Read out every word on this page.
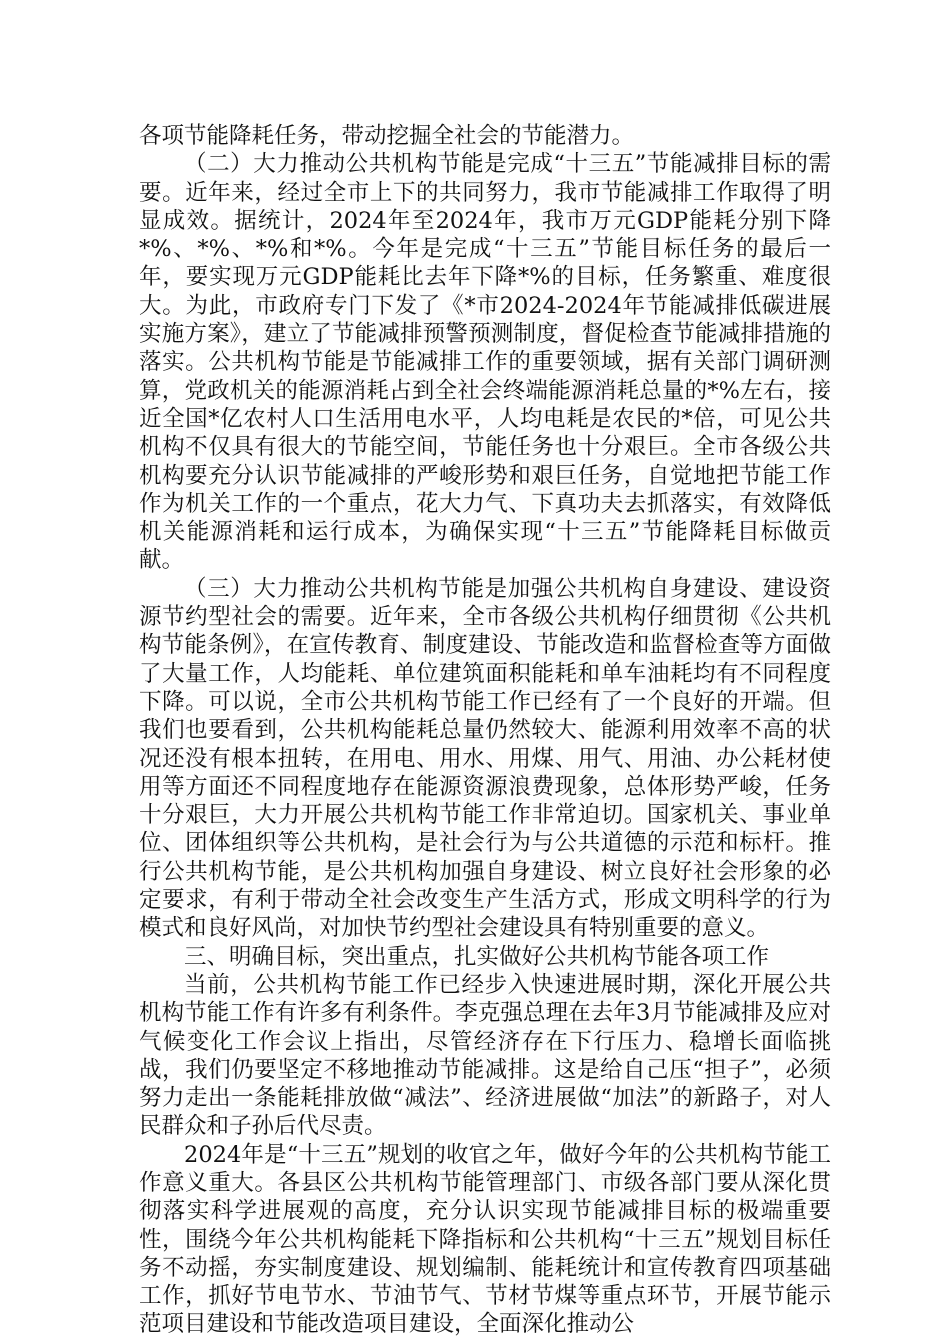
各项节能降耗任务，带动挖掘全社会的节能潜力。

（二）大力推动公共机构节能是完成“十三五”节能减排目标的需要。近年来，经过全市上下的共同努力，我市节能减排工作取得了明显成效。据统计，2024年至2024年，我市万元GDP能耗分别下降*%、*%、*%和*%。今年是完成“十三五”节能目标任务的最后一年，要实现万元GDP能耗比去年下降*%的目标，任务繁重、难度很大。为此，市政府专门下发了《*市2024-2024年节能减排低碳进展实施方案》，建立了节能减排预警预测制度，督促检查节能减排措施的落实。公共机构节能是节能减排工作的重要领域，据有关部门调研测算，党政机关的能源消耗占到全社会终端能源消耗总量的*%左右，接近全国*亿农村人口生活用电水平，人均电耗是农民的*倍，可见公共机构不仅具有很大的节能空间，节能任务也十分艰巨。全市各级公共机构要充分认识节能减排的严峻形势和艰巨任务，自觉地把节能工作作为机关工作的一个重点，花大力气、下真功夫去抓落实，有效降低机关能源消耗和运行成本，为确保实现“十三五”节能降耗目标做贡献。

（三）大力推动公共机构节能是加强公共机构自身建设、建设资源节约型社会的需要。近年来，全市各级公共机构仔细贯彻《公共机构节能条例》，在宣传教育、制度建设、节能改造和监督检查等方面做了大量工作，人均能耗、单位建筑面积能耗和单车油耗均有不同程度下降。可以说，全市公共机构节能工作已经有了一个良好的开端。但我们也要看到，公共机构能耗总量仍然较大、能源利用效率不高的状况还没有根本扭转，在用电、用水、用煤、用气、用油、办公耗材使用等方面还不同程度地存在能源资源浪费现象，总体形势严峻，任务十分艰巨，大力开展公共机构节能工作非常迫切。国家机关、事业单位、团体组织等公共机构，是社会行为与公共道德的示范和标杆。推行公共机构节能，是公共机构加强自身建设、树立良好社会形象的必定要求，有利于带动全社会改变生产生活方式，形成文明科学的行为模式和良好风尚，对加快节约型社会建设具有特别重要的意义。

三、明确目标，突出重点，扎实做好公共机构节能各项工作

当前，公共机构节能工作已经步入快速进展时期，深化开展公共机构节能工作有许多有利条件。李克强总理在去年3月节能减排及应对气候变化工作会议上指出，尽管经济存在下行压力、稳增长面临挑战，我们仍要坚定不移地推动节能减排。这是给自己压“担子”，必须努力走出一条能耗排放做“减法”、经济进展做“加法”的新路子，对人民群众和子孙后代尽责。

2024年是“十三五”规划的收官之年，做好今年的公共机构节能工作意义重大。各县区公共机构节能管理部门、市级各部门要从深化贯彻落实科学进展观的高度，充分认识实现节能减排目标的极端重要性，围绕今年公共机构能耗下降指标和公共机构“十三五”规划目标任务不动摇，夯实制度建设、规划编制、能耗统计和宣传教育四项基础工作，抓好节电节水、节油节气、节材节煤等重点环节，开展节能示范项目建设和节能改造项目建设，全面深化推动公
